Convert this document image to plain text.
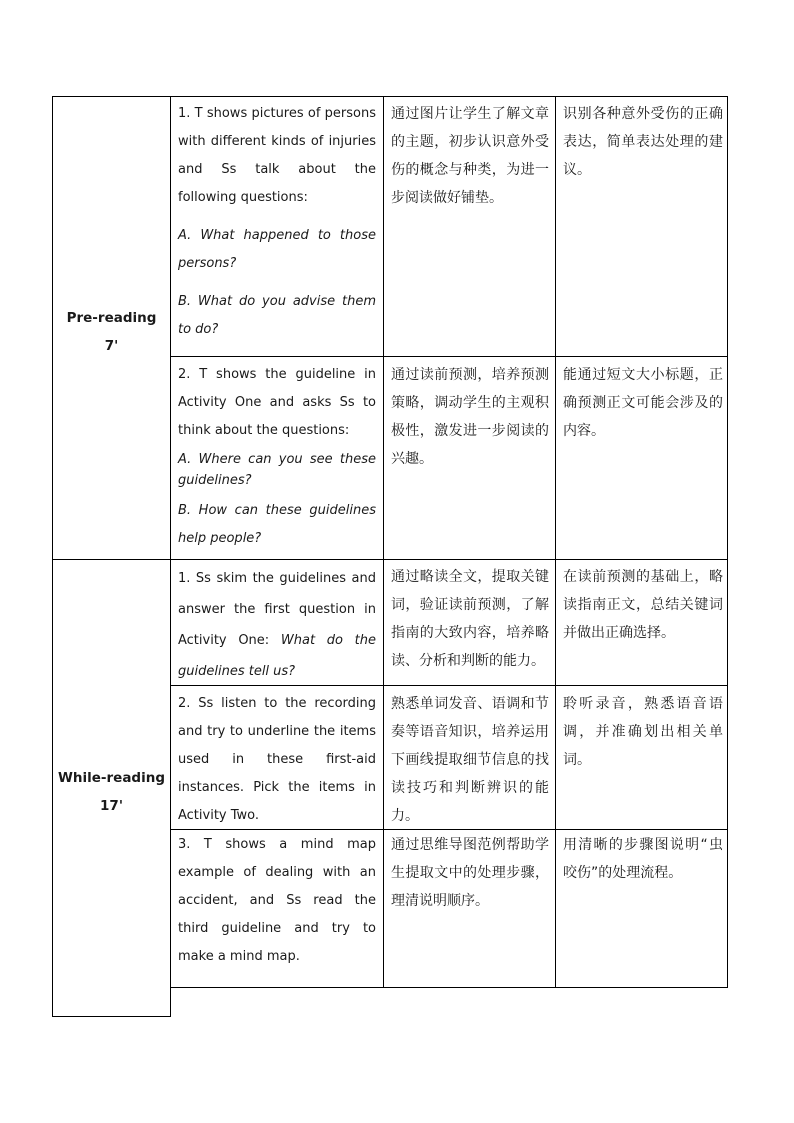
Pre-reading
7'
While-reading
17'

1. T shows pictures of persons with different kinds of injuries and Ss talk about the following questions:

A. What happened to those persons?

B. What do you advise them to do?

通过图片让学生了解文章的主题，初步认识意外受伤的概念与种类，为进一步阅读做好铺垫。
识别各种意外受伤的正确表达，简单表达处理的建议。

2. T shows the guideline in Activity One and asks Ss to think about the questions:

A. Where can you see these guidelines?

B. How can these guidelines help people?

通过读前预测，培养预测策略，调动学生的主观积极性，激发进一步阅读的兴趣。
能通过短文大小标题，正确预测正文可能会涉及的内容。

1. Ss skim the guidelines and answer the first question in Activity One: What do the guidelines tell us?

通过略读全文，提取关键词，验证读前预测，了解指南的大致内容，培养略读、分析和判断的能力。
在读前预测的基础上，略读指南正文，总结关键词并做出正确选择。

2. Ss listen to the recording and try to underline the items used in these first-aid instances. Pick the items in Activity Two.

熟悉单词发音、语调和节奏等语音知识，培养运用下画线提取细节信息的找读技巧和判断辨识的能力。
聆听录音，熟悉语音语调，并准确划出相关单词。

3. T shows a mind map example of dealing with an accident, and Ss read the third guideline and try to make a mind map.

通过思维导图范例帮助学生提取文中的处理步骤，理清说明顺序。
用清晰的步骤图说明“虫咬伤”的处理流程。
